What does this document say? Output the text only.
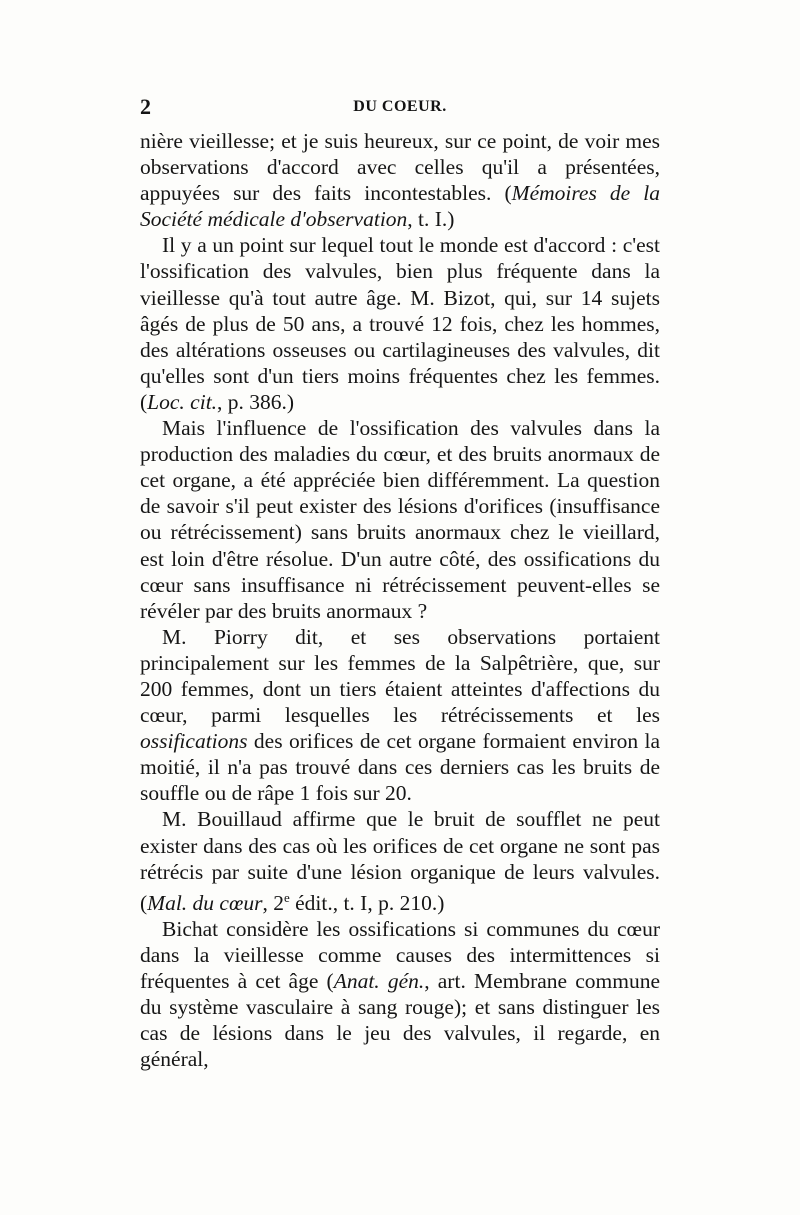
2	DU COEUR.

nière vieillesse; et je suis heureux, sur ce point, de voir mes observations d'accord avec celles qu'il a présentées, appuyées sur des faits incontestables. (Mémoires de la Société médicale d'observation, t. I.)

Il y a un point sur lequel tout le monde est d'accord : c'est l'ossification des valvules, bien plus fréquente dans la vieillesse qu'à tout autre âge. M. Bizot, qui, sur 14 sujets âgés de plus de 50 ans, a trouvé 12 fois, chez les hommes, des altérations osseuses ou cartilagineuses des valvules, dit qu'elles sont d'un tiers moins fréquentes chez les femmes. (Loc. cit., p. 386.)

Mais l'influence de l'ossification des valvules dans la production des maladies du cœur, et des bruits anormaux de cet organe, a été appréciée bien différemment. La question de savoir s'il peut exister des lésions d'orifices (insuffisance ou rétrécissement) sans bruits anormaux chez le vieillard, est loin d'être résolue. D'un autre côté, des ossifications du cœur sans insuffisance ni rétrécissement peuvent-elles se révéler par des bruits anormaux ?

M. Piorry dit, et ses observations portaient principalement sur les femmes de la Salpêtrière, que, sur 200 femmes, dont un tiers étaient atteintes d'affections du cœur, parmi lesquelles les rétrécissements et les ossifications des orifices de cet organe formaient environ la moitié, il n'a pas trouvé dans ces derniers cas les bruits de souffle ou de râpe 1 fois sur 20.

M. Bouillaud affirme que le bruit de soufflet ne peut exister dans des cas où les orifices de cet organe ne sont pas rétrécis par suite d'une lésion organique de leurs valvules. (Mal. du cœur, 2e édit., t. I, p. 210.)

Bichat considère les ossifications si communes du cœur dans la vieillesse comme causes des intermittences si fréquentes à cet âge (Anat. gén., art. Membrane commune du système vasculaire à sang rouge); et sans distinguer les cas de lésions dans le jeu des valvules, il regarde, en général,
